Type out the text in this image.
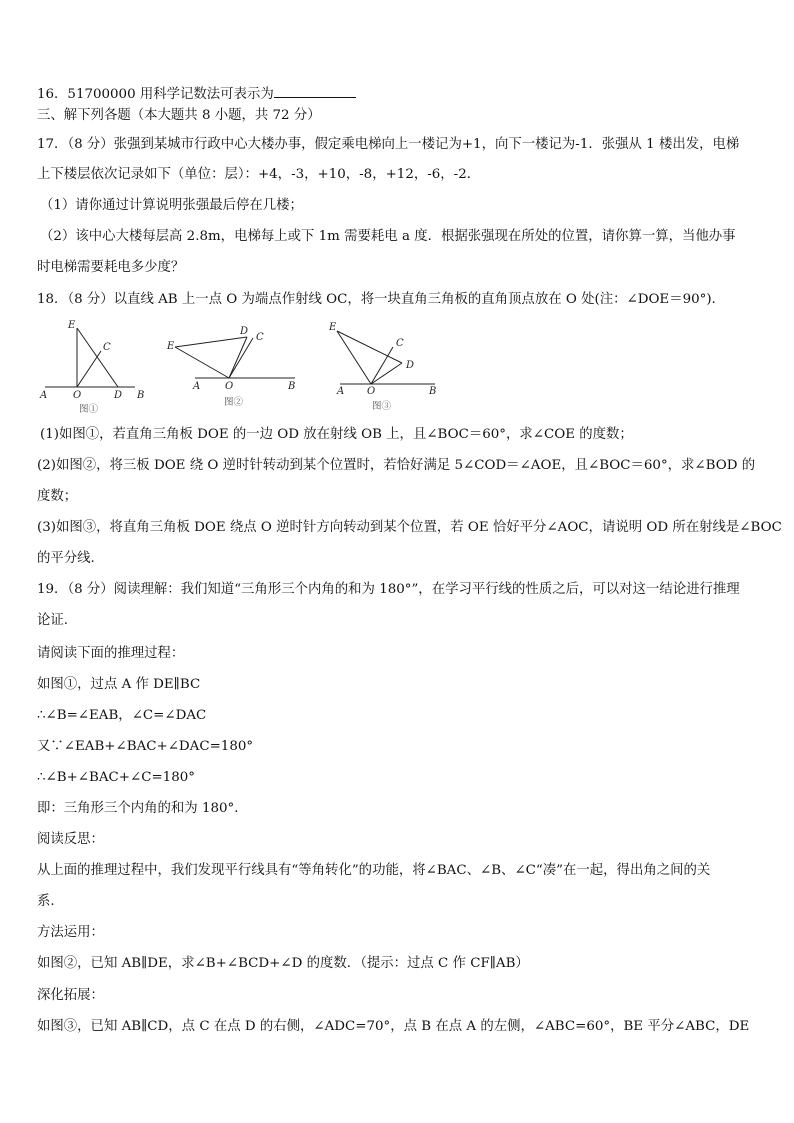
16．51700000 用科学记数法可表示为
三、解下列各题（本大题共 8 小题，共 72 分）
17．（8 分）张强到某城市行政中心大楼办事，假定乘电梯向上一楼记为+1，向下一楼记为-1．张强从 1 楼出发，电梯
上下楼层依次记录如下（单位：层）：+4，-3，+10，-8，+12，-6，-2．
（1）请你通过计算说明张强最后停在几楼；
（2）该中心大楼每层高 2.8m，电梯每上或下 1m 需要耗电 a 度．根据张强现在所处的位置，请你算一算，当他办事
时电梯需要耗电多少度？
18．（8 分）以直线 AB 上一点 O 为端点作射线 OC，将一块直角三角板的直角顶点放在 O 处(注：∠DOE＝90°).
E
C
A	O	D B
图①
E
D
C
A O	B
图②
E
C
D
A O	B
图③
(1)如图①，若直角三角板 DOE 的一边 OD 放在射线 OB 上，且∠BOC＝60°，求∠COE 的度数；
(2)如图②，将三板 DOE 绕 O 逆时针转动到某个位置时，若恰好满足 5∠COD＝∠AOE，且∠BOC＝60°，求∠BOD 的
度数；
(3)如图③，将直角三角板 DOE 绕点 O 逆时针方向转动到某个位置，若 OE 恰好平分∠AOC，请说明 OD 所在射线是∠BOC
的平分线.
19．（8 分）阅读理解：我们知道“三角形三个内角的和为 180°”，在学习平行线的性质之后，可以对这一结论进行推理
论证.
请阅读下面的推理过程：
如图①，过点 A 作 DE∥BC
∴∠B=∠EAB，∠C=∠DAC
又∵∠EAB+∠BAC+∠DAC=180°
∴∠B+∠BAC+∠C=180°
即：三角形三个内角的和为 180°．
阅读反思：
从上面的推理过程中，我们发现平行线具有“等角转化”的功能，将∠BAC、∠B、∠C“凑”在一起，得出角之间的关
系.
方法运用：
如图②，已知 AB∥DE，求∠B+∠BCD+∠D 的度数．（提示：过点 C 作 CF∥AB）
深化拓展：
如图③，已知 AB∥CD，点 C 在点 D 的右侧，∠ADC=70°，点 B 在点 A 的左侧，∠ABC=60°，BE 平分∠ABC，DE
